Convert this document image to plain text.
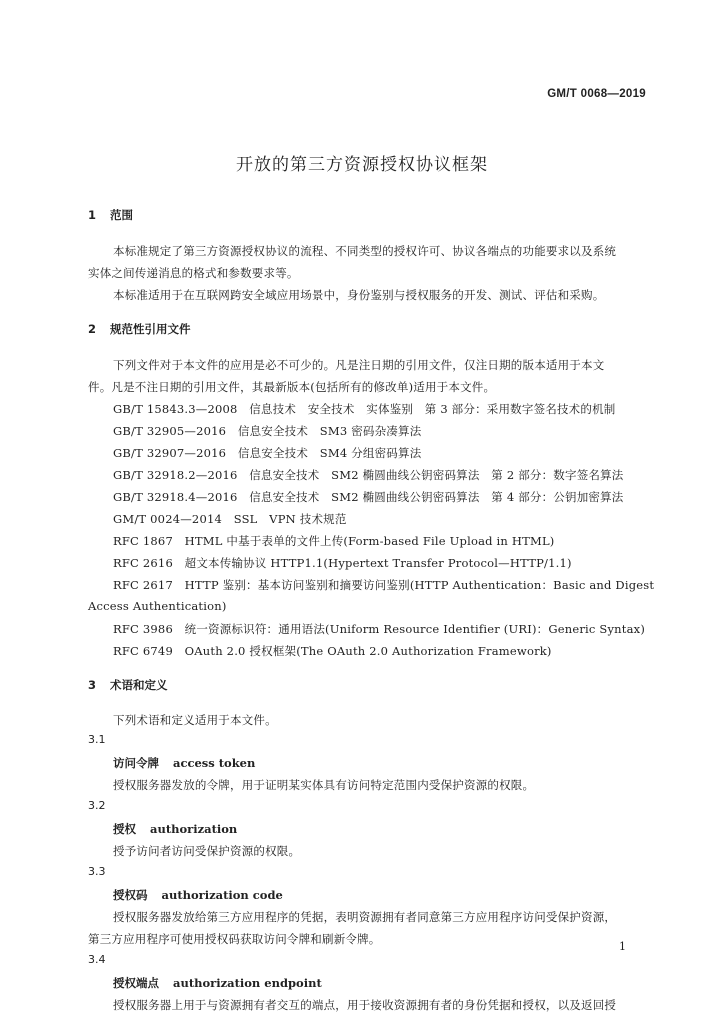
GM/T 0068—2019
开放的第三方资源授权协议框架
1 范围
本标准规定了第三方资源授权协议的流程、不同类型的授权许可、协议各端点的功能要求以及系统
实体之间传递消息的格式和参数要求等。
本标准适用于在互联网跨安全域应用场景中，身份鉴别与授权服务的开发、测试、评估和采购。
2 规范性引用文件
下列文件对于本文件的应用是必不可少的。凡是注日期的引用文件，仅注日期的版本适用于本文
件。凡是不注日期的引用文件，其最新版本(包括所有的修改单)适用于本文件。
GB/T 15843.3—2008　信息技术　安全技术　实体鉴别　第 3 部分：采用数字签名技术的机制
GB/T 32905—2016　信息安全技术　SM3 密码杂凑算法
GB/T 32907—2016　信息安全技术　SM4 分组密码算法
GB/T 32918.2—2016　信息安全技术　SM2 椭圆曲线公钥密码算法　第 2 部分：数字签名算法
GB/T 32918.4—2016　信息安全技术　SM2 椭圆曲线公钥密码算法　第 4 部分：公钥加密算法
GM/T 0024—2014　SSL　VPN 技术规范
RFC 1867　HTML 中基于表单的文件上传(Form-based File Upload in HTML)
RFC 2616　超文本传输协议 HTTP1.1(Hypertext Transfer Protocol—HTTP/1.1)
RFC 2617　HTTP 鉴别：基本访问鉴别和摘要访问鉴别(HTTP Authentication：Basic and Digest
Access Authentication)
RFC 3986　统一资源标识符：通用语法(Uniform Resource Identifier (URI)：Generic Syntax)
RFC 6749　OAuth 2.0 授权框架(The OAuth 2.0 Authorization Framework)
3 术语和定义
下列术语和定义适用于本文件。
3.1
访问令牌 access token
授权服务器发放的令牌，用于证明某实体具有访问特定范围内受保护资源的权限。
3.2
授权 authorization
授予访问者访问受保护资源的权限。
3.3
授权码 authorization code
授权服务器发放给第三方应用程序的凭据，表明资源拥有者同意第三方应用程序访问受保护资源，
第三方应用程序可使用授权码获取访问令牌和刷新令牌。
3.4
授权端点 authorization endpoint
授权服务器上用于与资源拥有者交互的端点，用于接收资源拥有者的身份凭据和授权，以及返回授
1
